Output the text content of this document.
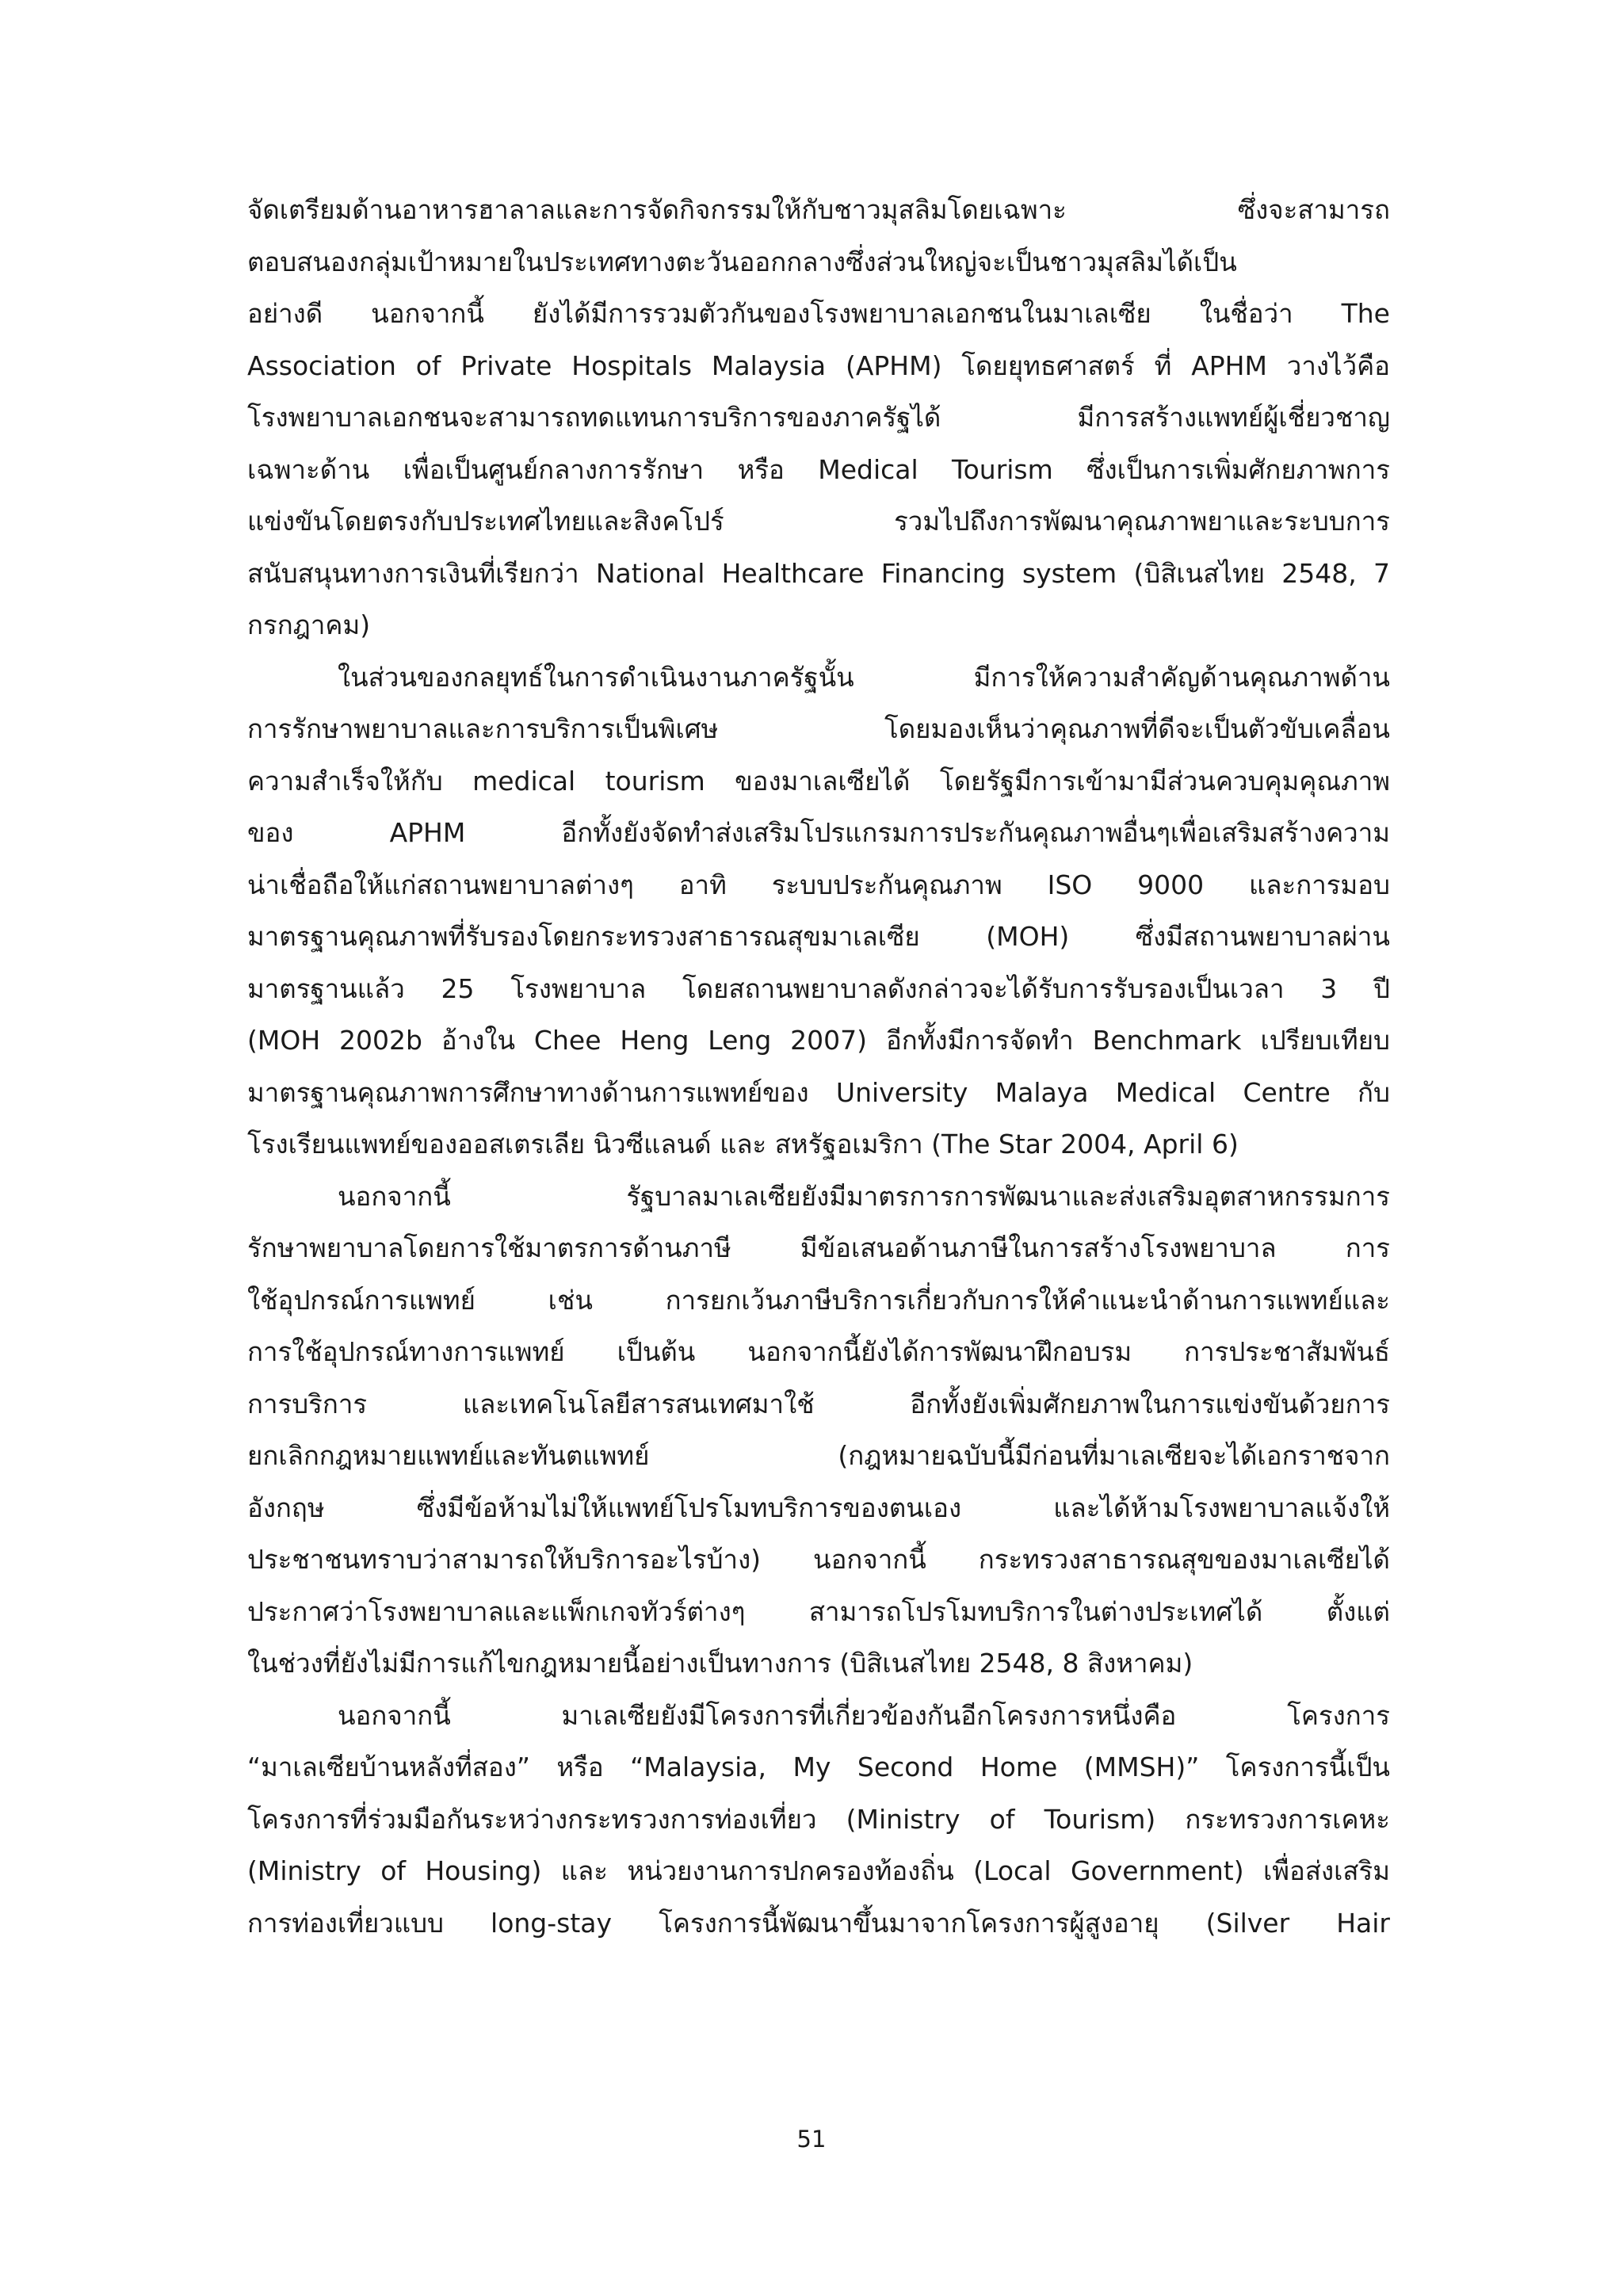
จัดเตรียมด้านอาหารฮาลาลและการจัดกิจกรรมให้กับชาวมุสลิมโดยเฉพาะ ซึ่งจะสามารถ
ตอบสนองกลุ่มเป้าหมายในประเทศทางตะวันออกกลางซึ่งส่วนใหญ่จะเป็นชาวมุสลิมได้เป็น
อย่างดี นอกจากนี้ ยังได้มีการรวมตัวกันของโรงพยาบาลเอกชนในมาเลเซีย ในชื่อว่า The
Association of Private Hospitals Malaysia (APHM) โดยยุทธศาสตร์ ที่ APHM วางไว้คือ
โรงพยาบาลเอกชนจะสามารถทดแทนการบริการของภาครัฐได้ มีการสร้างแพทย์ผู้เชี่ยวชาญ
เฉพาะด้าน เพื่อเป็นศูนย์กลางการรักษา หรือ Medical Tourism ซึ่งเป็นการเพิ่มศักยภาพการ
แข่งขันโดยตรงกับประเทศไทยและสิงคโปร์ รวมไปถึงการพัฒนาคุณภาพยาและระบบการ
สนับสนุนทางการเงินที่เรียกว่า National Healthcare Financing system (บิสิเนสไทย 2548, 7
กรกฎาคม)
ในส่วนของกลยุทธ์ในการดำเนินงานภาครัฐนั้น มีการให้ความสำคัญด้านคุณภาพด้าน
การรักษาพยาบาลและการบริการเป็นพิเศษ โดยมองเห็นว่าคุณภาพที่ดีจะเป็นตัวขับเคลื่อน
ความสำเร็จให้กับ medical tourism ของมาเลเซียได้ โดยรัฐมีการเข้ามามีส่วนควบคุมคุณภาพ
ของ APHM อีกทั้งยังจัดทำส่งเสริมโปรแกรมการประกันคุณภาพอื่นๆเพื่อเสริมสร้างความ
น่าเชื่อถือให้แก่สถานพยาบาลต่างๆ อาทิ ระบบประกันคุณภาพ ISO 9000 และการมอบ
มาตรฐานคุณภาพที่รับรองโดยกระทรวงสาธารณสุขมาเลเซีย (MOH) ซึ่งมีสถานพยาบาลผ่าน
มาตรฐานแล้ว 25 โรงพยาบาล โดยสถานพยาบาลดังกล่าวจะได้รับการรับรองเป็นเวลา 3 ปี
(MOH 2002b อ้างใน Chee Heng Leng 2007) อีกทั้งมีการจัดทำ Benchmark เปรียบเทียบ
มาตรฐานคุณภาพการศึกษาทางด้านการแพทย์ของ University Malaya Medical Centre กับ
โรงเรียนแพทย์ของออสเตรเลีย นิวซีแลนด์ และ สหรัฐอเมริกา (The Star 2004, April 6)
นอกจากนี้ รัฐบาลมาเลเซียยังมีมาตรการการพัฒนาและส่งเสริมอุตสาหกรรมการ
รักษาพยาบาลโดยการใช้มาตรการด้านภาษี มีข้อเสนอด้านภาษีในการสร้างโรงพยาบาล การ
ใช้อุปกรณ์การแพทย์ เช่น การยกเว้นภาษีบริการเกี่ยวกับการให้คำแนะนำด้านการแพทย์และ
การใช้อุปกรณ์ทางการแพทย์ เป็นต้น นอกจากนี้ยังได้การพัฒนาฝึกอบรม การประชาสัมพันธ์
การบริการ และเทคโนโลยีสารสนเทศมาใช้ อีกทั้งยังเพิ่มศักยภาพในการแข่งขันด้วยการ
ยกเลิกกฎหมายแพทย์และทันตแพทย์ (กฎหมายฉบับนี้มีก่อนที่มาเลเซียจะได้เอกราชจาก
อังกฤษ ซึ่งมีข้อห้ามไม่ให้แพทย์โปรโมทบริการของตนเอง และได้ห้ามโรงพยาบาลแจ้งให้
ประชาชนทราบว่าสามารถให้บริการอะไรบ้าง) นอกจากนี้ กระทรวงสาธารณสุขของมาเลเซียได้
ประกาศว่าโรงพยาบาลและแพ็กเกจทัวร์ต่างๆ สามารถโปรโมทบริการในต่างประเทศได้ ตั้งแต่
ในช่วงที่ยังไม่มีการแก้ไขกฎหมายนี้อย่างเป็นทางการ (บิสิเนสไทย 2548, 8 สิงหาคม)
นอกจากนี้ มาเลเซียยังมีโครงการที่เกี่ยวข้องกันอีกโครงการหนึ่งคือ โครงการ
“มาเลเซียบ้านหลังที่สอง” หรือ “Malaysia, My Second Home (MMSH)” โครงการนี้เป็น
โครงการที่ร่วมมือกันระหว่างกระทรวงการท่องเที่ยว (Ministry of Tourism) กระทรวงการเคหะ
(Ministry of Housing) และ หน่วยงานการปกครองท้องถิ่น (Local Government) เพื่อส่งเสริม
การท่องเที่ยวแบบ long-stay โครงการนี้พัฒนาขึ้นมาจากโครงการผู้สูงอายุ (Silver Hair
51
